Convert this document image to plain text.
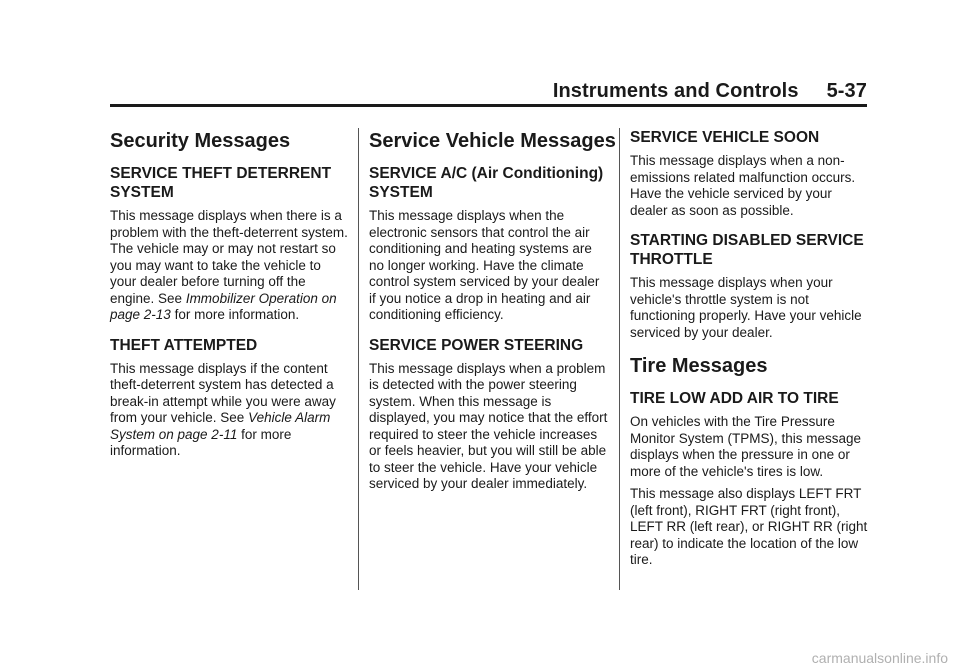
Instruments and Controls 5-37
Security Messages
SERVICE THEFT DETERRENT SYSTEM

This message displays when there is a problem with the theft-deterrent system. The vehicle may or may not restart so you may want to take the vehicle to your dealer before turning off the engine. See Immobilizer Operation on page 2-13 for more information.

THEFT ATTEMPTED

This message displays if the content theft-deterrent system has detected a break-in attempt while you were away from your vehicle. See Vehicle Alarm System on page 2-11 for more information.

Service Vehicle Messages
SERVICE A/C (Air Conditioning) SYSTEM

This message displays when the electronic sensors that control the air conditioning and heating systems are no longer working. Have the climate control system serviced by your dealer if you notice a drop in heating and air conditioning efficiency.

SERVICE POWER STEERING

This message displays when a problem is detected with the power steering system. When this message is displayed, you may notice that the effort required to steer the vehicle increases or feels heavier, but you will still be able to steer the vehicle. Have your vehicle serviced by your dealer immediately.

SERVICE VEHICLE SOON

This message displays when a non-emissions related malfunction occurs. Have the vehicle serviced by your dealer as soon as possible.

STARTING DISABLED SERVICE THROTTLE

This message displays when your vehicle's throttle system is not functioning properly. Have your vehicle serviced by your dealer.

Tire Messages
TIRE LOW ADD AIR TO TIRE

On vehicles with the Tire Pressure Monitor System (TPMS), this message displays when the pressure in one or more of the vehicle's tires is low.

This message also displays LEFT FRT (left front), RIGHT FRT (right front), LEFT RR (left rear), or RIGHT RR (right rear) to indicate the location of the low tire.

carmanualsonline.info
